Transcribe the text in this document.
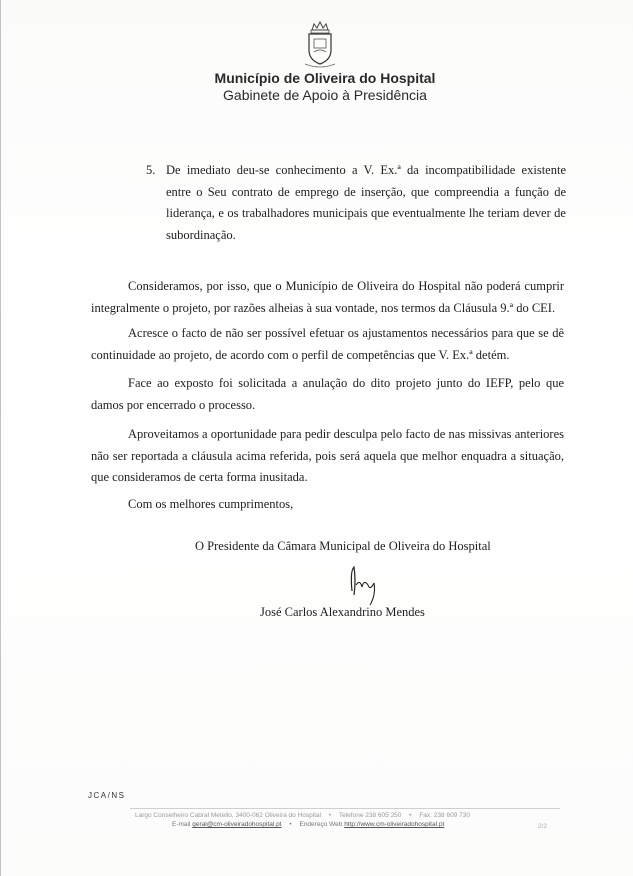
Município de Oliveira do Hospital
Gabinete de Apoio à Presidência
5. De imediato deu-se conhecimento a V. Ex.ª da incompatibilidade existente entre o Seu contrato de emprego de inserção, que compreendia a função de liderança, e os trabalhadores municipais que eventualmente lhe teriam dever de subordinação.
Consideramos, por isso, que o Município de Oliveira do Hospital não poderá cumprir integralmente o projeto, por razões alheias à sua vontade, nos termos da Cláusula 9.ª do CEI.
Acresce o facto de não ser possível efetuar os ajustamentos necessários para que se dê continuidade ao projeto, de acordo com o perfil de competências que V. Ex.ª detém.
Face ao exposto foi solicitada a anulação do dito projeto junto do IEFP, pelo que damos por encerrado o processo.
Aproveitamos a oportunidade para pedir desculpa pelo facto de nas missivas anteriores não ser reportada a cláusula acima referida, pois será aquela que melhor enquadra a situação, que consideramos de certa forma inusitada.
Com os melhores cumprimentos,
O Presidente da Câmara Municipal de Oliveira do Hospital
José Carlos Alexandrino Mendes
JCA/NS
Largo Conselheiro Cabral Metello, 3400-062 Oliveira do Hospital • Telefone 238 605 250 • Fax: 238 609 730
E-mail geral@cm-oliveiradohospital.pt • Endereço Web http://www.cm-oliveiradohospital.pt	2/2
